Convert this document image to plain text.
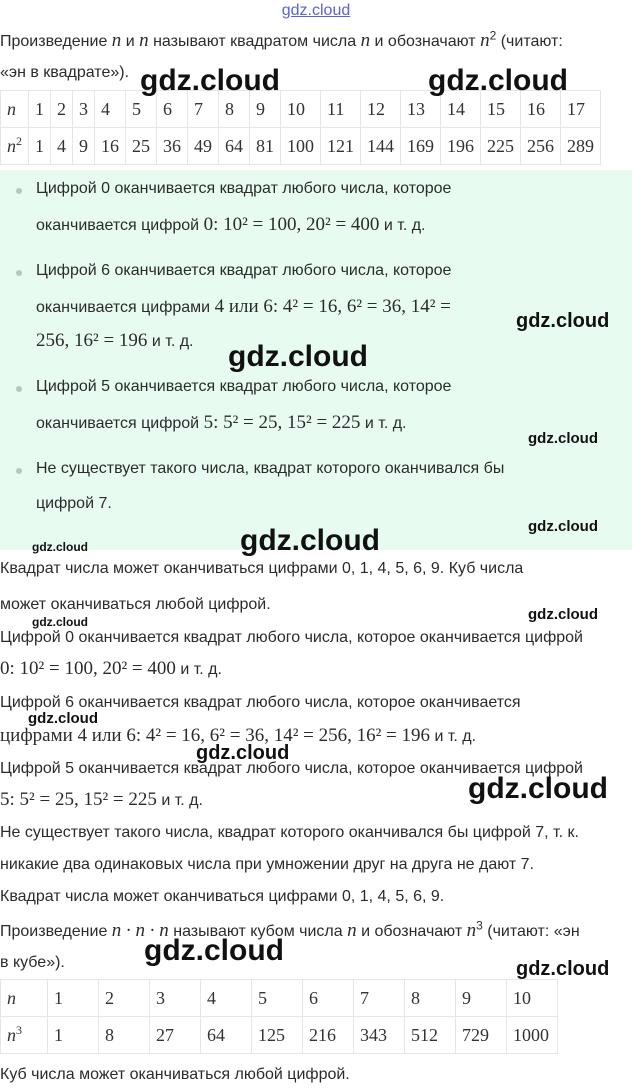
gdz.cloud
Произведение n и n называют квадратом числа n и обозначают $n^2$ (читают:
«эн в квадрате»).
n	1	2	3	4	5	6	7	8	9	10	11	12	13	14	15	16	17
$n^2$	1	4	9	16	25	36	49	64	81	100	121	144	169	196	225	256	289
Цифрой 0 оканчивается квадрат любого числа, которое
оканчивается цифрой 0: 10² = 100, 20² = 400 и т. д.
Цифрой 6 оканчивается квадрат любого числа, которое
оканчивается цифрами 4 или 6: 4² = 16, 6² = 36, 14² =
256, 16² = 196 и т. д.
Цифрой 5 оканчивается квадрат любого числа, которое
оканчивается цифрой 5: 5² = 25, 15² = 225 и т. д.
Не существует такого числа, квадрат которого оканчивался бы
цифрой 7.
Квадрат числа может оканчиваться цифрами 0, 1, 4, 5, 6, 9. Куб числа
может оканчиваться любой цифрой.
Цифрой 0 оканчивается квадрат любого числа, которое оканчивается цифрой
0: 10² = 100, 20² = 400 и т. д.
Цифрой 6 оканчивается квадрат любого числа, которое оканчивается
цифрами 4 или 6: 4² = 16, 6² = 36, 14² = 256, 16² = 196 и т. д.
Цифрой 5 оканчивается квадрат любого числа, которое оканчивается цифрой
5: 5² = 25, 15² = 225 и т. д.
Не существует такого числа, квадрат которого оканчивался бы цифрой 7, т. к.
никакие два одинаковых числа при умножении друг на друга не дают 7.
Квадрат числа может оканчиваться цифрами 0, 1, 4, 5, 6, 9.
Произведение n · n · n называют кубом числа n и обозначают $n^3$ (читают: «эн
в кубе»).
n	1	2	3	4	5	6	7	8	9	10
$n^3$	1	8	27	64	125	216	343	512	729	1000
Куб числа может оканчиваться любой цифрой.
gdz.cloud	gdz.cloud
gdz.cloud
gdz.cloud
gdz.cloud
gdz.cloud
gdz.cloud
gdz.cloud
gdz.cloud
gdz.cloud
gdz.cloud
gdz.cloud
gdz.cloud
gdz.cloud
gdz.cloud
